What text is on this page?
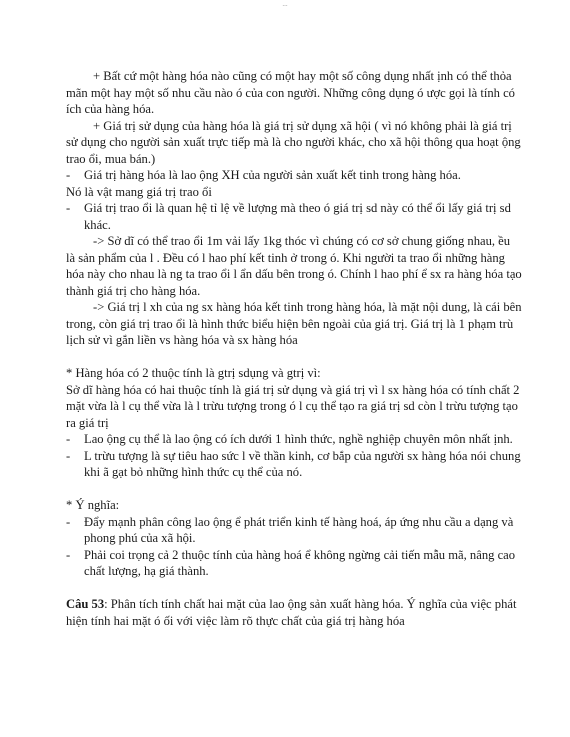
...

+ Bất cứ một hàng hóa nào cũng có một hay một số công dụng nhất ịnh có thể thỏa mãn một hay một số nhu cầu nào ó của con người. Những công dụng ó ược gọi là tính có ích của hàng hóa.

+ Giá trị sử dụng của hàng hóa là giá trị sử dụng xã hội ( vì nó không phải là giá trị sử dụng cho người sản xuất trực tiếp mà là cho người khác, cho xã hội thông qua hoạt ộng trao ổi, mua bán.)

-	Giá trị hàng hóa là lao ộng XH của người sản xuất kết tinh trong hàng hóa.

Nó là vật mang giá trị trao ổi

-	Giá trị trao ổi là quan hệ tỉ lệ về lượng mà theo ó giá trị sd này có thể ổi lấy giá trị sd khác.

-> Sở dĩ có thể trao ổi 1m vải lấy 1kg thóc vì chúng có cơ sở chung giống nhau, ều là sản phẩm của l . Đều có l hao phí kết tinh ở trong ó. Khi người ta trao ổi những hàng hóa này cho nhau là ng ta trao ổi l ẩn dấu bên trong ó. Chính l hao phí ể sx ra hàng hóa tạo thành giá trị cho hàng hóa.

-> Giá trị l xh của ng sx hàng hóa kết tinh trong hàng hóa, là mặt nội dung, là cái bên trong, còn giá trị trao ổi là hình thức biểu hiện bên ngoài của giá trị. Giá trị là 1 phạm trù lịch sử vì gắn liền vs hàng hóa và sx hàng hóa

* Hàng hóa có 2 thuộc tính là gtrị sdụng và gtrị vì:

Sở dĩ hàng hóa có hai thuộc tính là giá trị sử dụng và giá trị vì l sx hàng hóa có tính chất 2 mặt vừa là l cụ thể vừa là l trừu tượng trong ó l cụ thể tạo ra giá trị sd còn l trừu tượng tạo ra giá trị

-	Lao ộng cụ thể là lao ộng có ích dưới 1 hình thức, nghề nghiệp chuyên môn nhất ịnh.
-	L trừu tượng là sự tiêu hao sức l về thần kinh, cơ bắp của người sx hàng hóa nói chung khi ã gạt bỏ những hình thức cụ thể của nó.

* Ý nghĩa:

-	Đẩy mạnh phân công lao ộng ể phát triển kinh tế hàng hoá, áp ứng nhu cầu a dạng và phong phú của xã hội.
-	Phải coi trọng cả 2 thuộc tính của hàng hoá ể không ngừng cải tiến mẫu mã, nâng cao chất lượng, hạ giá thành.

Câu 53: Phân tích tính chất hai mặt của lao ộng sản xuất hàng hóa. Ý nghĩa của việc phát hiện tính hai mặt ó ối với việc làm rõ thực chất của giá trị hàng hóa
